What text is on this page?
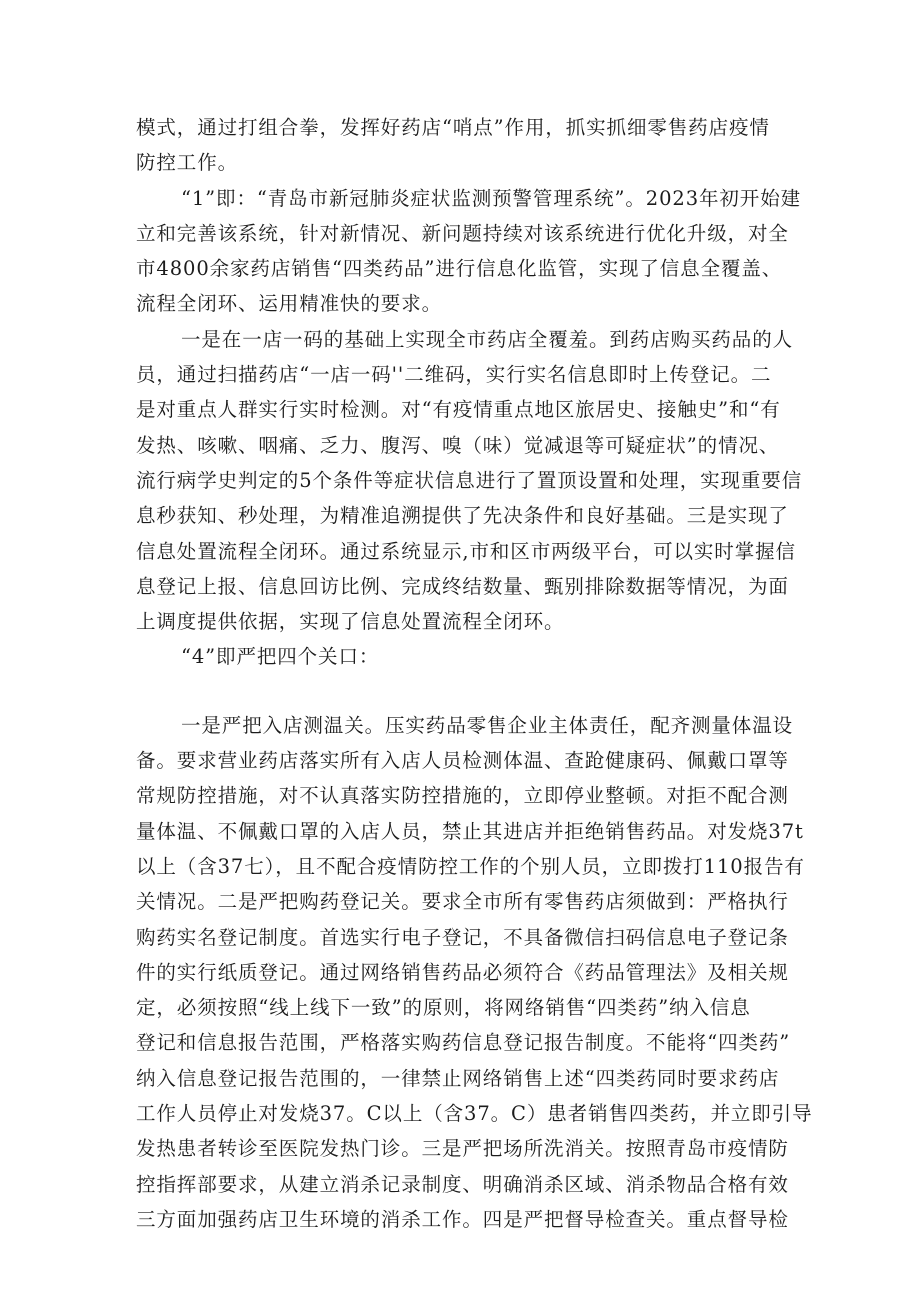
模式，通过打组合拳，发挥好药店“哨点”作用，抓实抓细零售药店疫情
防控工作。
“1”即：“青岛市新冠肺炎症状监测预警管理系统”。2023年初开始建
立和完善该系统，针对新情况、新问题持续对该系统进行优化升级，对全
市4800余家药店销售“四类药品”进行信息化监管，实现了信息全覆盖、
流程全闭环、运用精准快的要求。
一是在一店一码的基础上实现全市药店全覆羞。到药店购买药品的人
员，通过扫描药店“一店一码''二维码，实行实名信息即时上传登记。二
是对重点人群实行实时检测。对“有疫情重点地区旅居史、接触史”和“有
发热、咳嗽、咽痛、乏力、腹泻、嗅（味）觉减退等可疑症状”的情况、
流行病学史判定的5个条件等症状信息进行了置顶设置和处理，实现重要信
息秒获知、秒处理，为精准追溯提供了先决条件和良好基础。三是实现了
信息处置流程全闭环。通过系统显示,市和区市两级平台，可以实时掌握信
息登记上报、信息回访比例、完成终结数量、甄别排除数据等情况，为面
上调度提供依据，实现了信息处置流程全闭环。
“4”即严把四个关口：
一是严把入店测温关。压实药品零售企业主体责任，配齐测量体温设
备。要求营业药店落实所有入店人员检测体温、查跄健康码、佩戴口罩等
常规防控措施，对不认真落实防控措施的，立即停业整顿。对拒不配合测
量体温、不佩戴口罩的入店人员，禁止其进店并拒绝销售药品。对发烧37t
以上（含37七），且不配合疫情防控工作的个别人员，立即拨打110报告有
关情况。二是严把购药登记关。要求全市所有零售药店须做到：严格执行
购药实名登记制度。首选实行电子登记，不具备微信扫码信息电子登记条
件的实行纸质登记。通过网络销售药品必须符合《药品管理法》及相关规
定，必须按照“线上线下一致”的原则，将网络销售“四类药”纳入信息
登记和信息报告范围，严格落实购药信息登记报告制度。不能将“四类药”
纳入信息登记报告范围的，一律禁止网络销售上述“四类药同时要求药店
工作人员停止对发烧37。C以上（含37。C）患者销售四类药，并立即引导
发热患者转诊至医院发热门诊。三是严把场所洗消关。按照青岛市疫情防
控指挥部要求，从建立消杀记录制度、明确消杀区域、消杀物品合格有效
三方面加强药店卫生环境的消杀工作。四是严把督导检查关。重点督导检
